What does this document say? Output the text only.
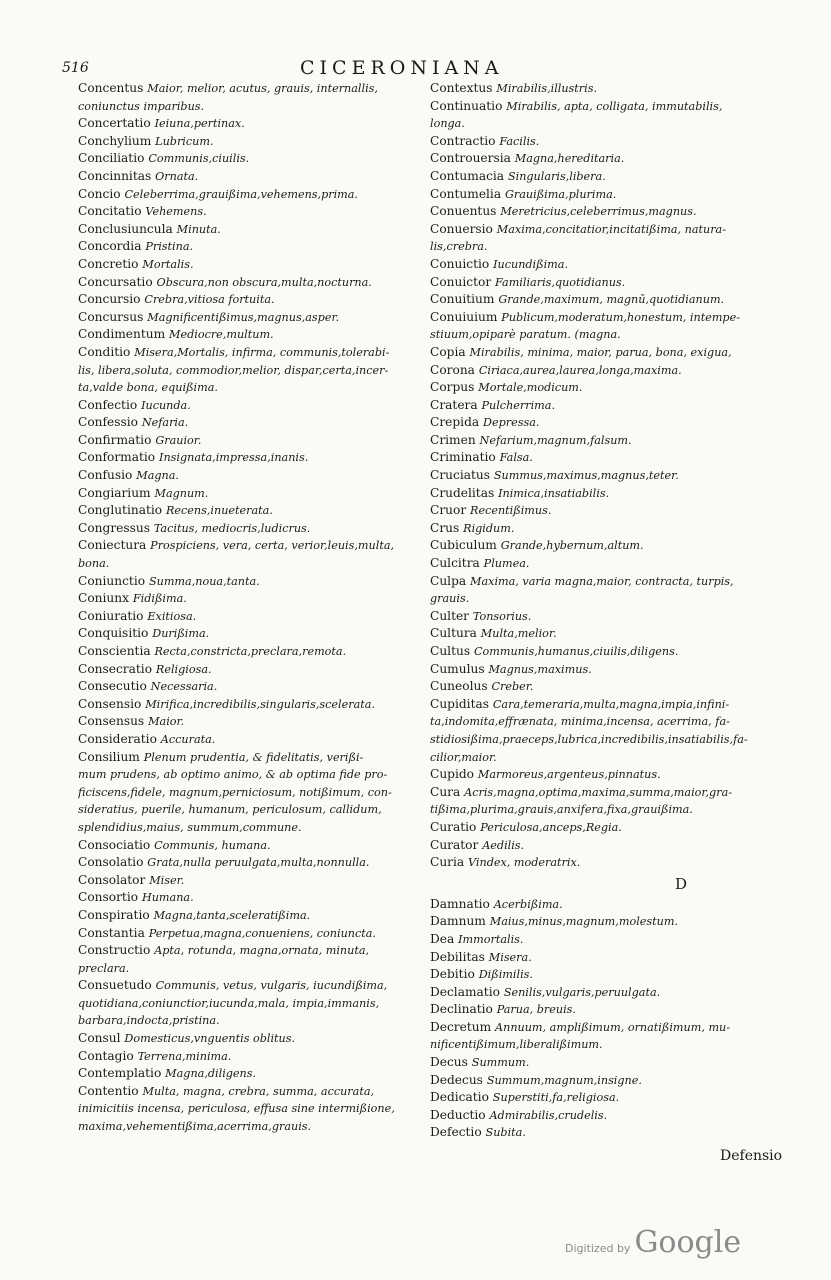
516	CICERONIANA
Concentus Maior, melior, acutus, grauis, internallis,
coniunctus imparibus.
Concertatio Ieiuna,pertinax.
Conchylium Lubricum.
Conciliatio Communis,ciuilis.
Concinnitas Ornata.
Concio Celeberrima,grauißima,vehemens,prima.
Concitatio Vehemens.
Conclusiuncula Minuta.
Concordia Pristina.
Concretio Mortalis.
Concursatio Obscura,non obscura,multa,nocturna.
Concursio Crebra,vitiosa fortuita.
Concursus Magnificentißimus,magnus,asper.
Condimentum Mediocre,multum.
Conditio Misera,Mortalis, infirma, communis,tolerabi-
lis, libera,soluta, commodior,melior, dispar,certa,incer-
ta,valde bona, equißima.
Confectio Iucunda.
Confessio Nefaria.
Confirmatio Grauior.
Conformatio Insignata,impressa,inanis.
Confusio Magna.
Congiarium Magnum.
Conglutinatio Recens,inueterata.
Congressus Tacitus, mediocris,ludicrus.
Coniectura Prospiciens, vera, certa, verior,leuis,multa,
bona.
Coniunctio Summa,noua,tanta.
Coniunx Fidißima.
Coniuratio Exitiosa.
Conquisitio Durißima.
Conscientia Recta,constricta,preclara,remota.
Consecratio Religiosa.
Consecutio Necessaria.
Consensio Mirifica,incredibilis,singularis,scelerata.
Consensus Maior.
Consideratio Accurata.
Consilium Plenum prudentia, & fidelitatis, verißi-
mum prudens, ab optimo animo, & ab optima fide pro-
ficiscens,fidele, magnum,perniciosum, notißimum, con-
sideratius, puerile, humanum, periculosum, callidum,
splendidius,maius, summum,commune.
Consociatio Communis, humana.
Consolatio Grata,nulla peruulgata,multa,nonnulla.
Consolator Miser.
Consortio Humana.
Conspiratio Magna,tanta,sceleratißima.
Constantia Perpetua,magna,conueniens, coniuncta.
Constructio Apta, rotunda, magna,ornata, minuta,
preclara.
Consuetudo Communis, vetus, vulgaris, iucundißima,
quotidiana,coniunctior,iucunda,mala, impia,immanis,
barbara,indocta,pristina.
Consul Domesticus,vnguentis oblitus.
Contagio Terrena,minima.
Contemplatio Magna,diligens.
Contentio Multa, magna, crebra, summa, accurata,
inimicitiis incensa, periculosa, effusa sine intermißione,
maxima,vehementißima,acerrima,grauis.
Contextus Mirabilis,illustris.
Continuatio Mirabilis, apta, colligata, immutabilis,
longa.
Contractio Facilis.
Controuersia Magna,hereditaria.
Contumacia Singularis,libera.
Contumelia Grauißima,plurima.
Conuentus Meretricius,celeberrimus,magnus.
Conuersio Maxima,concitatior,incitatißima, natura-
lis,crebra.
Conuictio Iucundißima.
Conuictor Familiaris,quotidianus.
Conuitium Grande,maximum, magnū,quotidianum.
Conuiuium Publicum,moderatum,honestum, intempe-
stiuum,opiparè paratum. (magna.
Copia Mirabilis, minima, maior, parua, bona, exigua,
Corona Ciriaca,aurea,laurea,longa,maxima.
Corpus Mortale,modicum.
Cratera Pulcherrima.
Crepida Depressa.
Crimen Nefarium,magnum,falsum.
Criminatio Falsa.
Cruciatus Summus,maximus,magnus,teter.
Crudelitas Inimica,insatiabilis.
Cruor Recentißimus.
Crus Rigidum.
Cubiculum Grande,hybernum,altum.
Culcitra Plumea.
Culpa Maxima, varia magna,maior, contracta, turpis,
grauis.
Culter Tonsorius.
Cultura Multa,melior.
Cultus Communis,humanus,ciuilis,diligens.
Cumulus Magnus,maximus.
Cuneolus Creber.
Cupiditas Cara,temeraria,multa,magna,impia,infini-
ta,indomita,effrænata, minima,incensa, acerrima, fa-
stidiosißima,praeceps,lubrica,incredibilis,insatiabilis,fa-
cilior,maior.
Cupido Marmoreus,argenteus,pinnatus.
Cura Acris,magna,optima,maxima,summa,maior,gra-
tißima,plurima,grauis,anxifera,fixa,grauißima.
Curatio Periculosa,anceps,Regia.
Curator Aedilis.
Curia Vindex, moderatrix.
D
Damnatio Acerbißima.
Damnum Maius,minus,magnum,molestum.
Dea Immortalis.
Debilitas Misera.
Debitio Dißimilis.
Declamatio Senilis,vulgaris,peruulgata.
Declinatio Parua, breuis.
Decretum Annuum, amplißimum, ornatißimum, mu-
nificentißimum,liberalißimum.
Decus Summum.
Dedecus Summum,magnum,insigne.
Dedicatio Superstiti,fa,religiosa.
Deductio Admirabilis,crudelis.
Defectio Subita.
Defensio
Digitized by Google
